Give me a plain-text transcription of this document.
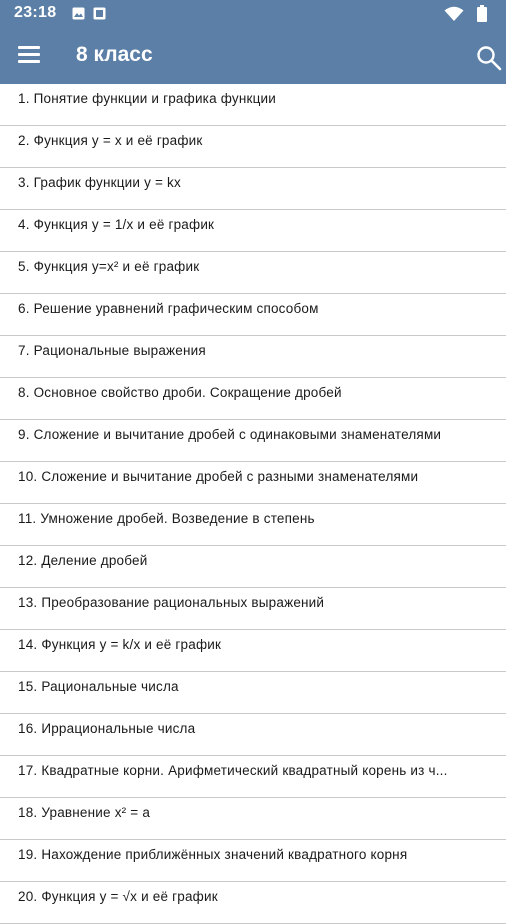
23:18
8 класс
1. Понятие функции и графика функции
2. Функция y = x и её график
3. График функции y = kx
4. Функция y = 1/x и её график
5. Функция y=x² и её график
6. Решение уравнений графическим способом
7. Рациональные выражения
8. Основное свойство дроби. Сокращение дробей
9. Сложение и вычитание дробей с одинаковыми знаменателями
10. Сложение и вычитание дробей с разными знаменателями
11. Умножение дробей. Возведение в степень
12. Деление дробей
13. Преобразование рациональных выражений
14. Функция y = k/x и её график
15. Рациональные числа
16. Иррациональные числа
17. Квадратные корни. Арифметический квадратный корень из ч...
18. Уравнение x² = a
19. Нахождение приближённых значений квадратного корня
20. Функция y = √x и её график
